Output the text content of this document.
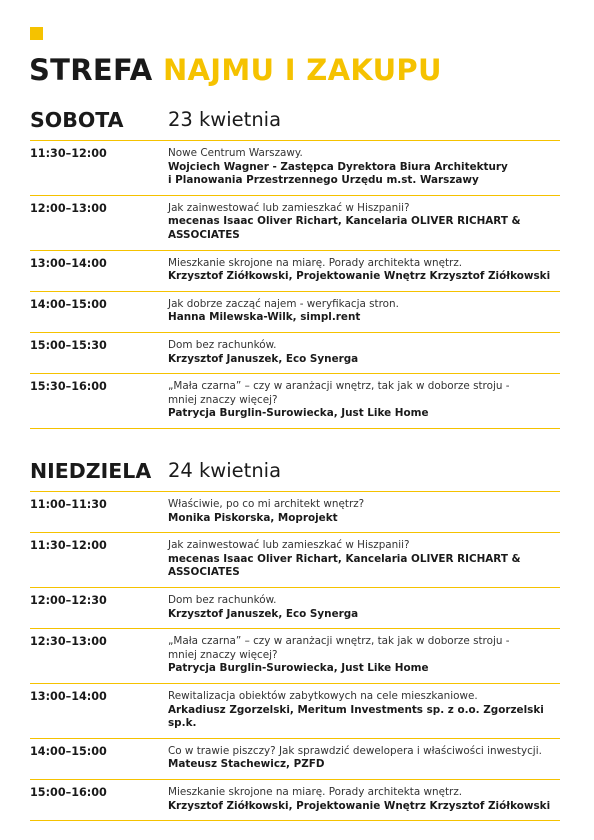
STREFA NAJMU I ZAKUPU
SOBOTA 23 kwietnia
11:30–12:00	Nowe Centrum Warszawy.
Wojciech Wagner - Zastępca Dyrektora Biura Architektury
i Planowania Przestrzennego Urzędu m.st. Warszawy
12:00–13:00	Jak zainwestować lub zamieszkać w Hiszpanii?
mecenas Isaac Oliver Richart, Kancelaria OLIVER RICHART & ASSOCIATES
13:00–14:00	Mieszkanie skrojone na miarę. Porady architekta wnętrz.
Krzysztof Ziółkowski, Projektowanie Wnętrz Krzysztof Ziółkowski
14:00–15:00	Jak dobrze zacząć najem - weryfikacja stron.
Hanna Milewska-Wilk, simpl.rent
15:00–15:30	Dom bez rachunków.
Krzysztof Januszek, Eco Synerga
15:30–16:00	„Mała czarna” – czy w aranżacji wnętrz, tak jak w doborze stroju -
mniej znaczy więcej?
Patrycja Burglin-Surowiecka, Just Like Home
NIEDZIELA 24 kwietnia
11:00–11:30	Właściwie, po co mi architekt wnętrz?
Monika Piskorska, Moprojekt
11:30–12:00	Jak zainwestować lub zamieszkać w Hiszpanii?
mecenas Isaac Oliver Richart, Kancelaria OLIVER RICHART & ASSOCIATES
12:00–12:30	Dom bez rachunków.
Krzysztof Januszek, Eco Synerga
12:30–13:00	„Mała czarna” – czy w aranżacji wnętrz, tak jak w doborze stroju -
mniej znaczy więcej?
Patrycja Burglin-Surowiecka, Just Like Home
13:00–14:00	Rewitalizacja obiektów zabytkowych na cele mieszkaniowe.
Arkadiusz Zgorzelski, Meritum Investments sp. z o.o. Zgorzelski sp.k.
14:00–15:00	Co w trawie piszczy? Jak sprawdzić dewelopera i właściwości inwestycji.
Mateusz Stachewicz, PZFD
15:00–16:00	Mieszkanie skrojone na miarę. Porady architekta wnętrz.
Krzysztof Ziółkowski, Projektowanie Wnętrz Krzysztof Ziółkowski
